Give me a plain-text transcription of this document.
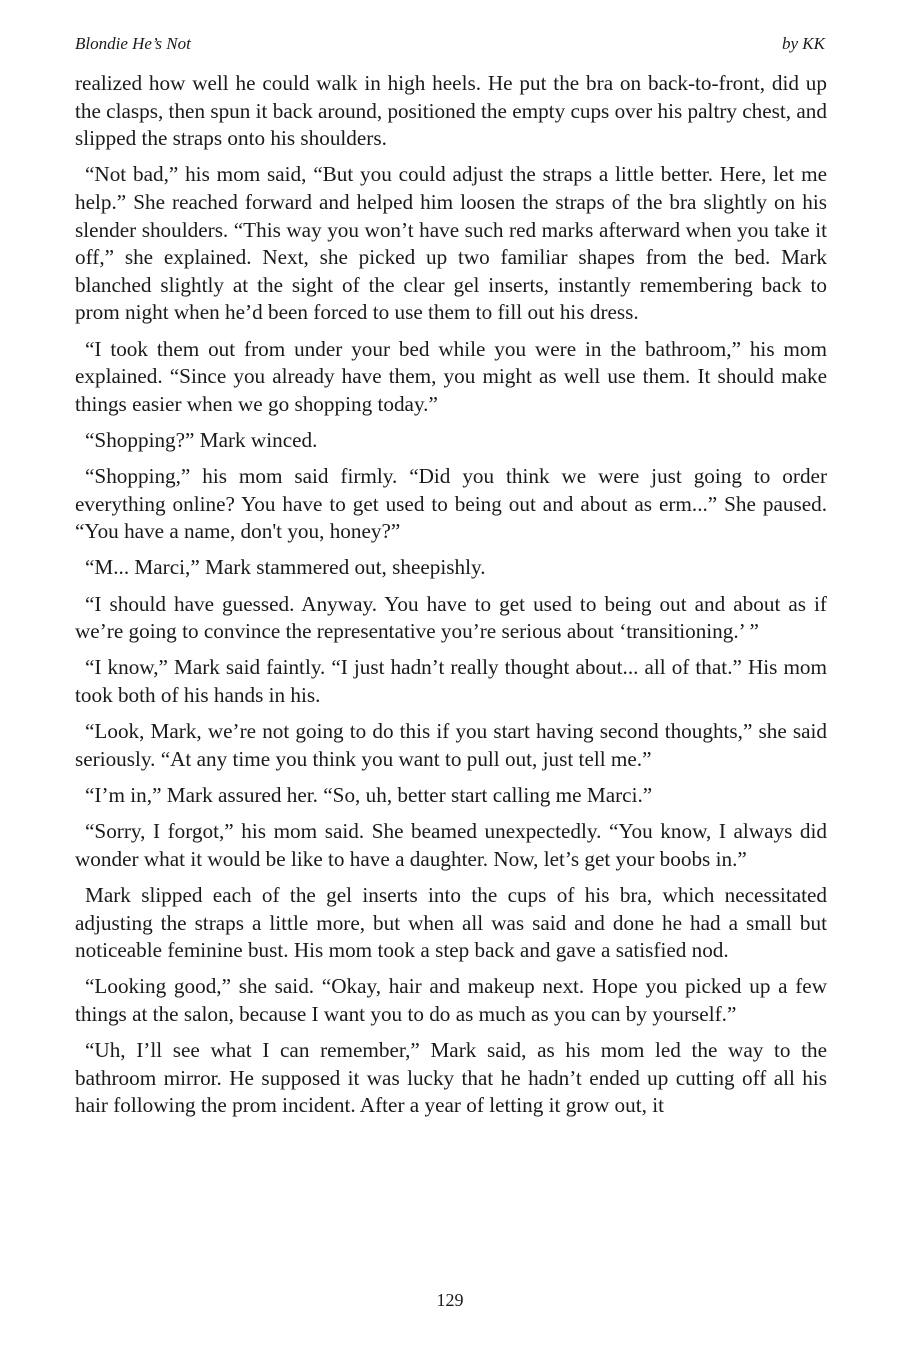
Blondie He’s Not	by KK

realized how well he could walk in high heels. He put the bra on back-to-front, did up the clasps, then spun it back around, positioned the empty cups over his paltry chest, and slipped the straps onto his shoulders.

“Not bad,” his mom said, “But you could adjust the straps a little better. Here, let me help.” She reached forward and helped him loosen the straps of the bra slightly on his slender shoulders. “This way you won’t have such red marks afterward when you take it off,” she explained. Next, she picked up two familiar shapes from the bed. Mark blanched slightly at the sight of the clear gel inserts, instantly remembering back to prom night when he’d been forced to use them to fill out his dress.

“I took them out from under your bed while you were in the bathroom,” his mom explained. “Since you already have them, you might as well use them. It should make things easier when we go shopping today.”

“Shopping?” Mark winced.

“Shopping,” his mom said firmly. “Did you think we were just going to order everything online? You have to get used to being out and about as erm...” She paused. “You have a name, don't you, honey?”

“M... Marci,” Mark stammered out, sheepishly.

“I should have guessed. Anyway. You have to get used to being out and about as if we’re going to convince the representative you’re serious about ‘transitioning.’ ”

“I know,” Mark said faintly. “I just hadn’t really thought about... all of that.” His mom took both of his hands in his.

“Look, Mark, we’re not going to do this if you start having second thoughts,” she said seriously. “At any time you think you want to pull out, just tell me.”

“I’m in,” Mark assured her. “So, uh, better start calling me Marci.”

“Sorry, I forgot,” his mom said. She beamed unexpectedly. “You know, I always did wonder what it would be like to have a daughter. Now, let’s get your boobs in.”

Mark slipped each of the gel inserts into the cups of his bra, which necessitated adjusting the straps a little more, but when all was said and done he had a small but noticeable feminine bust. His mom took a step back and gave a satisfied nod.

“Looking good,” she said. “Okay, hair and makeup next. Hope you picked up a few things at the salon, because I want you to do as much as you can by yourself.”

“Uh, I’ll see what I can remember,” Mark said, as his mom led the way to the bathroom mirror. He supposed it was lucky that he hadn’t ended up cutting off all his hair following the prom incident. After a year of letting it grow out, it

129
